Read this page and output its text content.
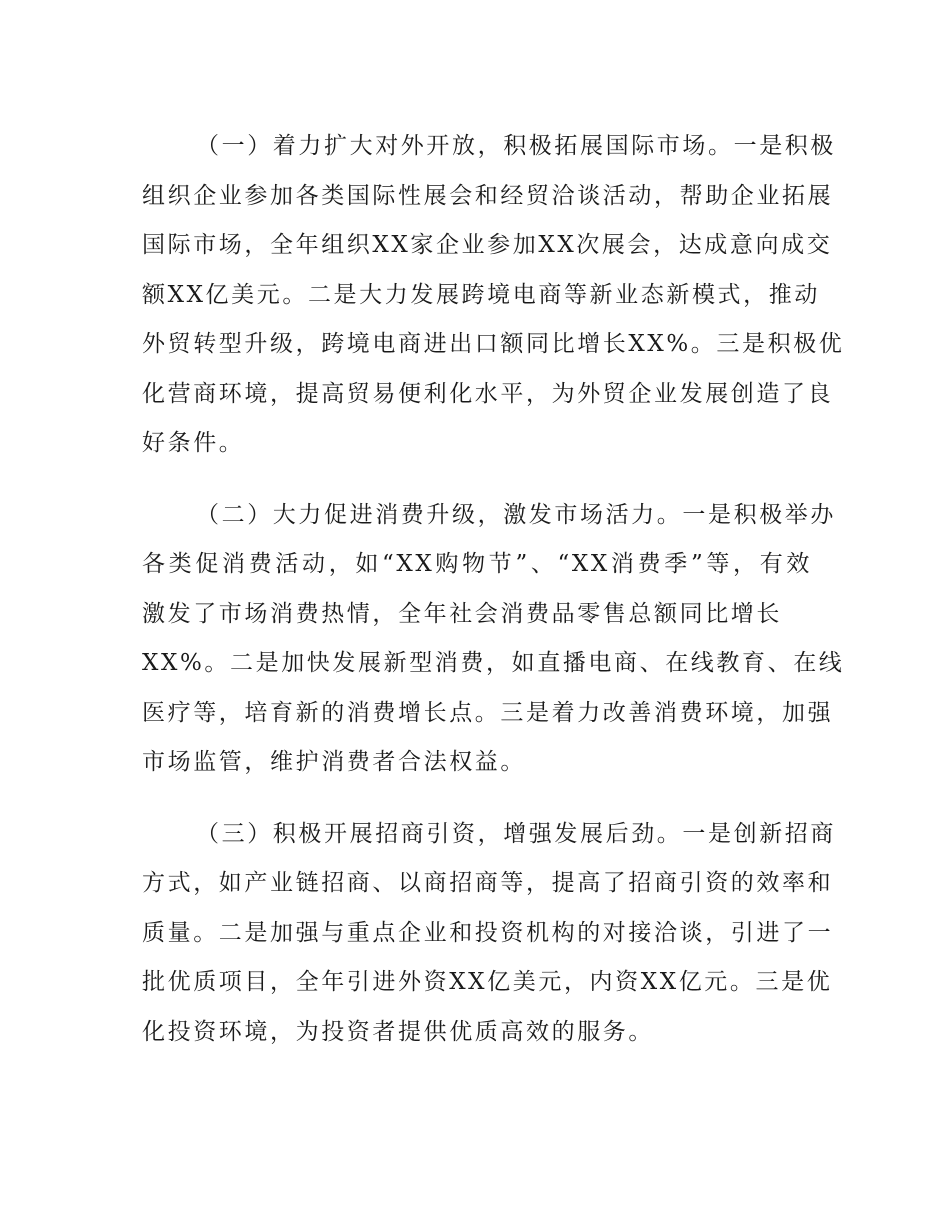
（一）着力扩大对外开放，积极拓展国际市场。一是积极
组织企业参加各类国际性展会和经贸洽谈活动，帮助企业拓展
国际市场，全年组织XX家企业参加XX次展会，达成意向成交
额XX亿美元。二是大力发展跨境电商等新业态新模式，推动
外贸转型升级，跨境电商进出口额同比增长XX%。三是积极优
化营商环境，提高贸易便利化水平，为外贸企业发展创造了良
好条件。
（二）大力促进消费升级，激发市场活力。一是积极举办
各类促消费活动，如“XX购物节”、“XX消费季”等，有效
激发了市场消费热情，全年社会消费品零售总额同比增长
XX%。二是加快发展新型消费，如直播电商、在线教育、在线
医疗等，培育新的消费增长点。三是着力改善消费环境，加强
市场监管，维护消费者合法权益。
（三）积极开展招商引资，增强发展后劲。一是创新招商
方式，如产业链招商、以商招商等，提高了招商引资的效率和
质量。二是加强与重点企业和投资机构的对接洽谈，引进了一
批优质项目，全年引进外资XX亿美元，内资XX亿元。三是优
化投资环境，为投资者提供优质高效的服务。
